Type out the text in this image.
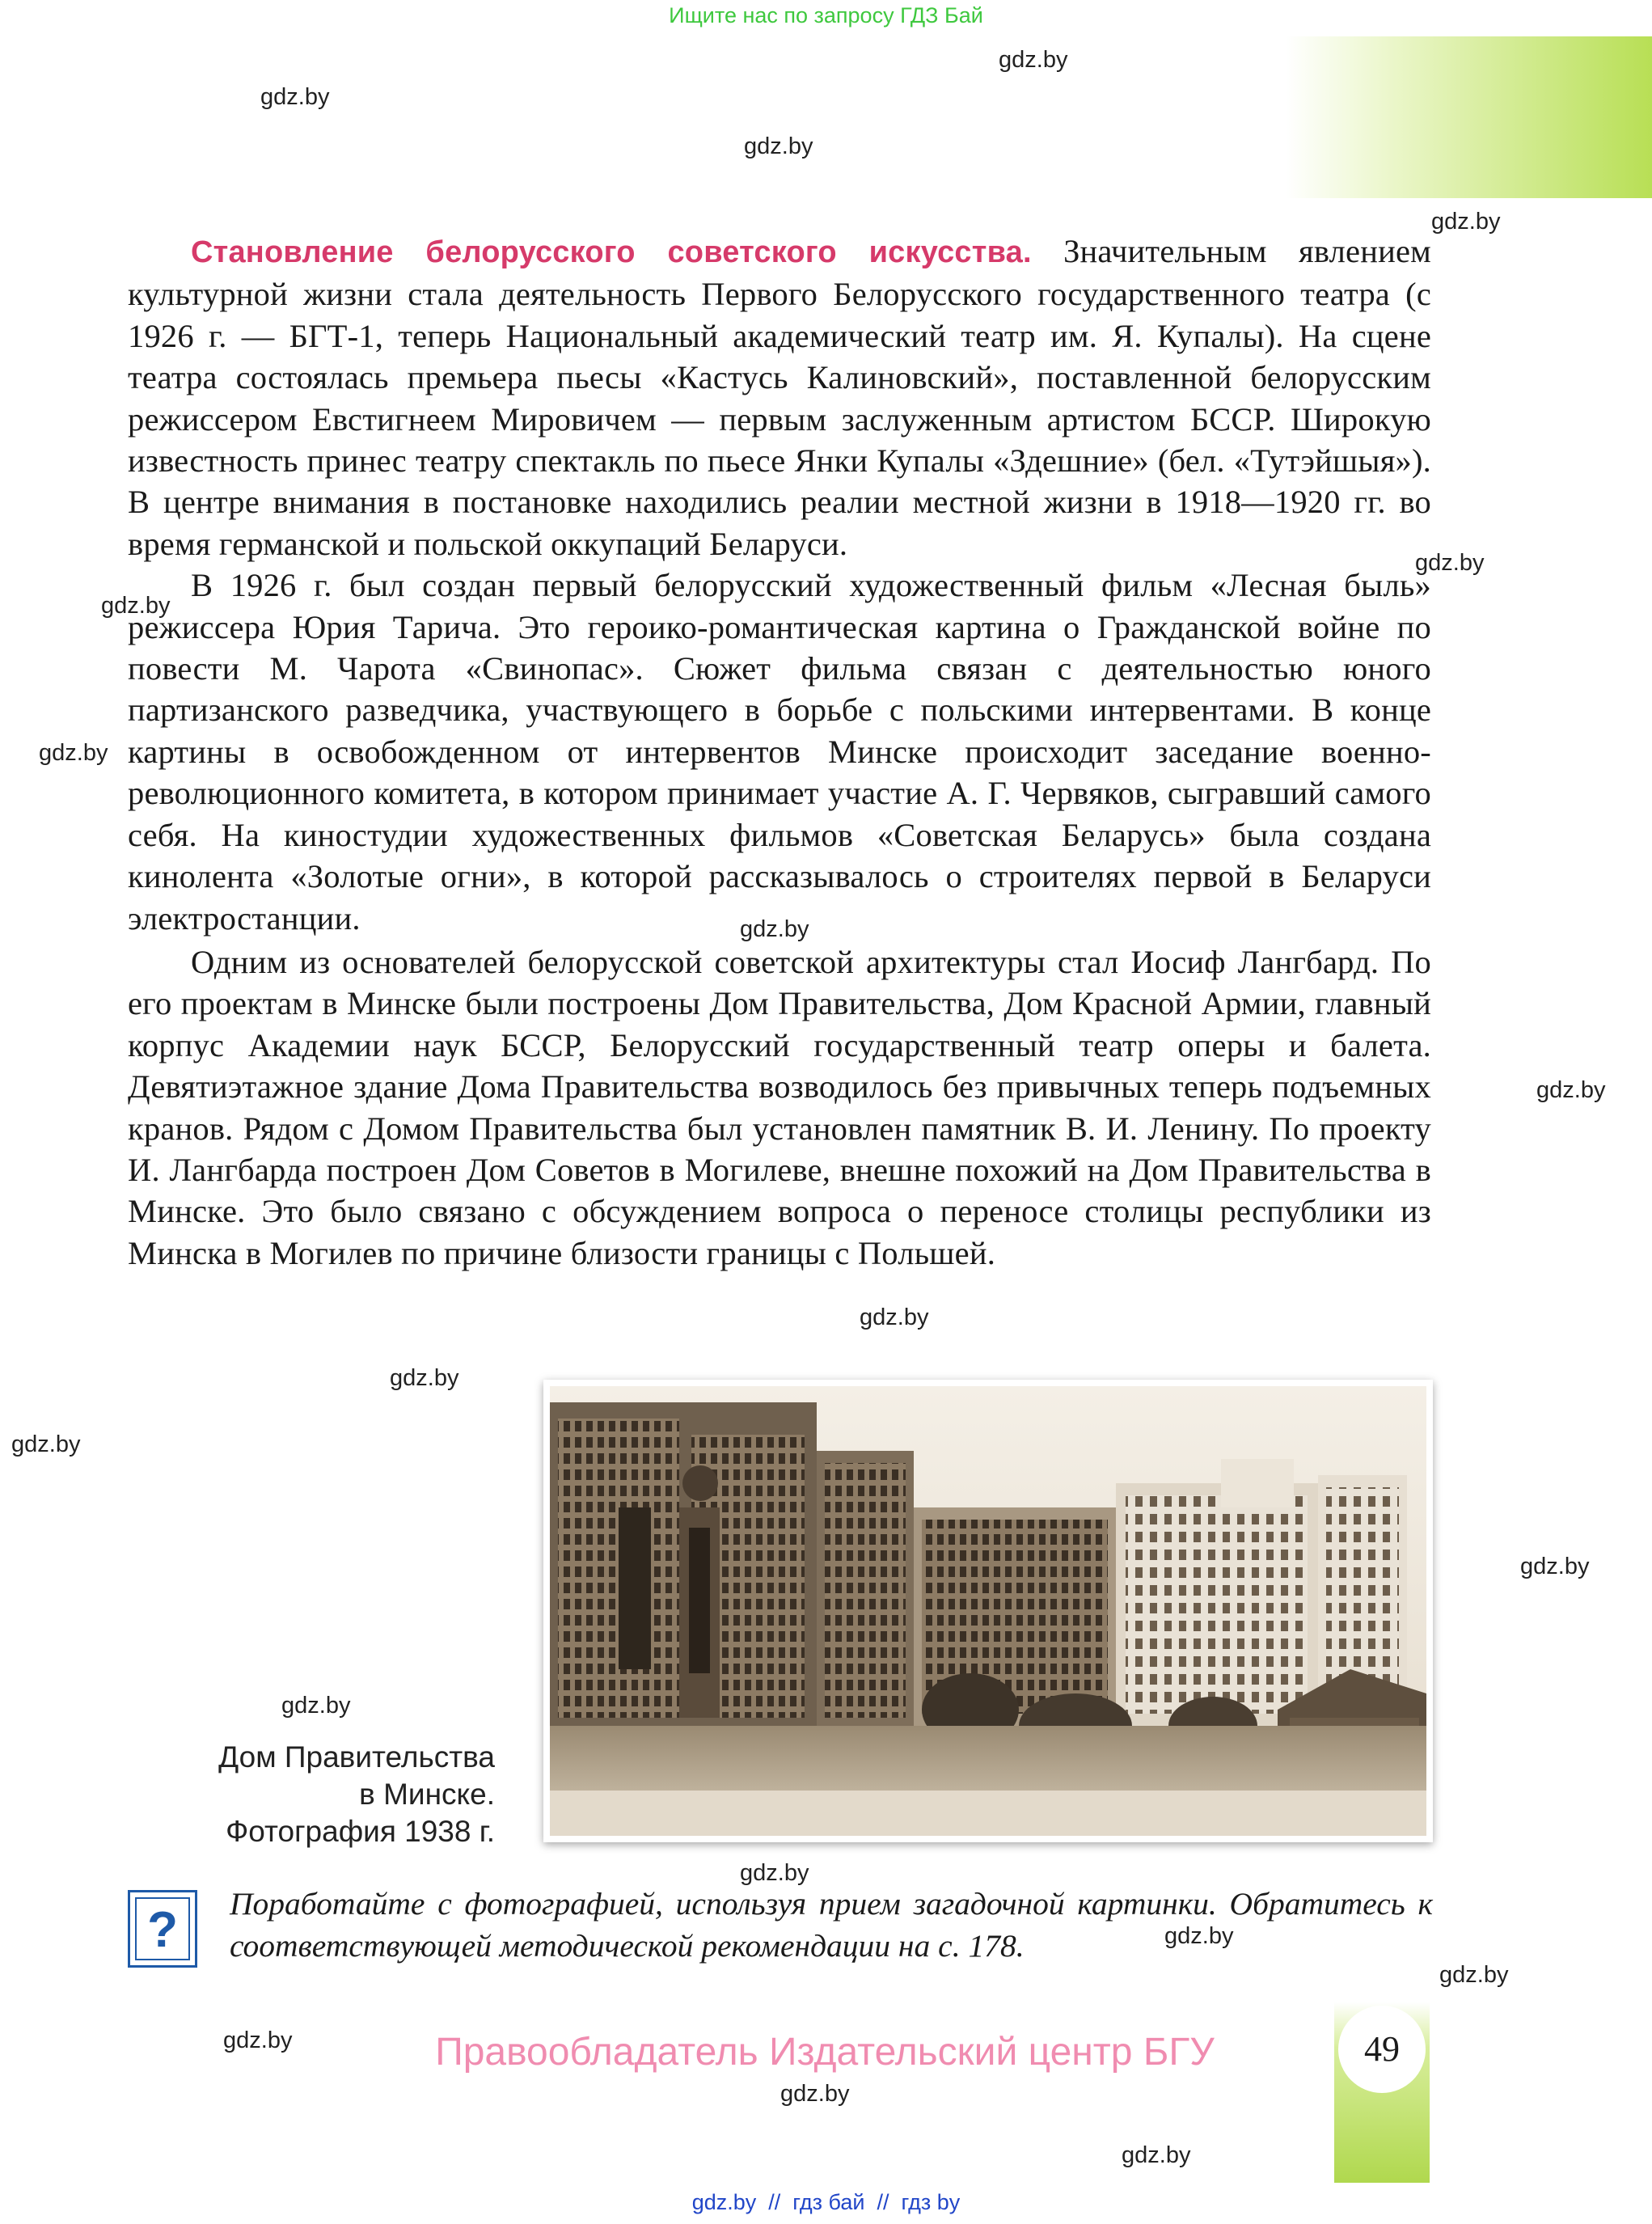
Ищите нас по запросу ГДЗ Бай
gdz.by
gdz.by
gdz.by
gdz.by
gdz.by
gdz.by
gdz.by
gdz.by
gdz.by
gdz.by
gdz.by
gdz.by
gdz.by
gdz.by
gdz.by
gdz.by
gdz.by
gdz.by
gdz.by
gdz.by

Становление белорусского советского искусства. Значительным явлением культурной жизни стала деятельность Первого Белорусского государственного театра (с 1926 г. — БГТ-1, теперь Национальный академический театр им. Я. Купалы). На сцене театра состоялась премьера пьесы «Кастусь Калиновский», поставленной белорусским режиссером Евстигнеем Мировичем — первым заслуженным артистом БССР. Широкую известность принес театру спектакль по пьесе Янки Купалы «Здешние» (бел. «Тутэйшыя»). В центре внимания в постановке находились реалии местной жизни в 1918—1920 гг. во время германской и польской оккупаций Беларуси.

В 1926 г. был создан первый белорусский художественный фильм «Лесная быль» режиссера Юрия Тарича. Это героико-романтическая картина о Гражданской войне по повести М. Чарота «Свинопас». Сюжет фильма связан с деятельностью юного партизанского разведчика, участвующего в борьбе с польскими интервентами. В конце картины в освобожденном от интервентов Минске происходит заседание военно-революционного комитета, в котором принимает участие А. Г. Червяков, сыгравший самого себя. На киностудии художественных фильмов «Советская Беларусь» была создана кинолента «Золотые огни», в которой рассказывалось о строителях первой в Беларуси электростанции.

Одним из основателей белорусской советской архитектуры стал Иосиф Лангбард. По его проектам в Минске были построены Дом Правительства, Дом Красной Армии, главный корпус Академии наук БССР, Белорусский государственный театр оперы и балета. Девятиэтажное здание Дома Правительства возводилось без привычных теперь подъемных кранов. Рядом с Домом Правительства был установлен памятник В. И. Ленину. По проекту И. Лангбарда построен Дом Советов в Могилеве, внешне похожий на Дом Правительства в Минске. Это было связано с обсуждением вопроса о переносе столицы республики из Минска в Могилев по причине близости границы с Польшей.

Дом Правительства
в Минске.
Фотография 1938 г.
?	Поработайте с фотографией, используя прием загадочной картинки. Обратитесь к соответствующей методической рекомендации на с. 178.
49
Правообладатель Издательский центр БГУ
gdz.by  //  гдз бай  //  гдз by
